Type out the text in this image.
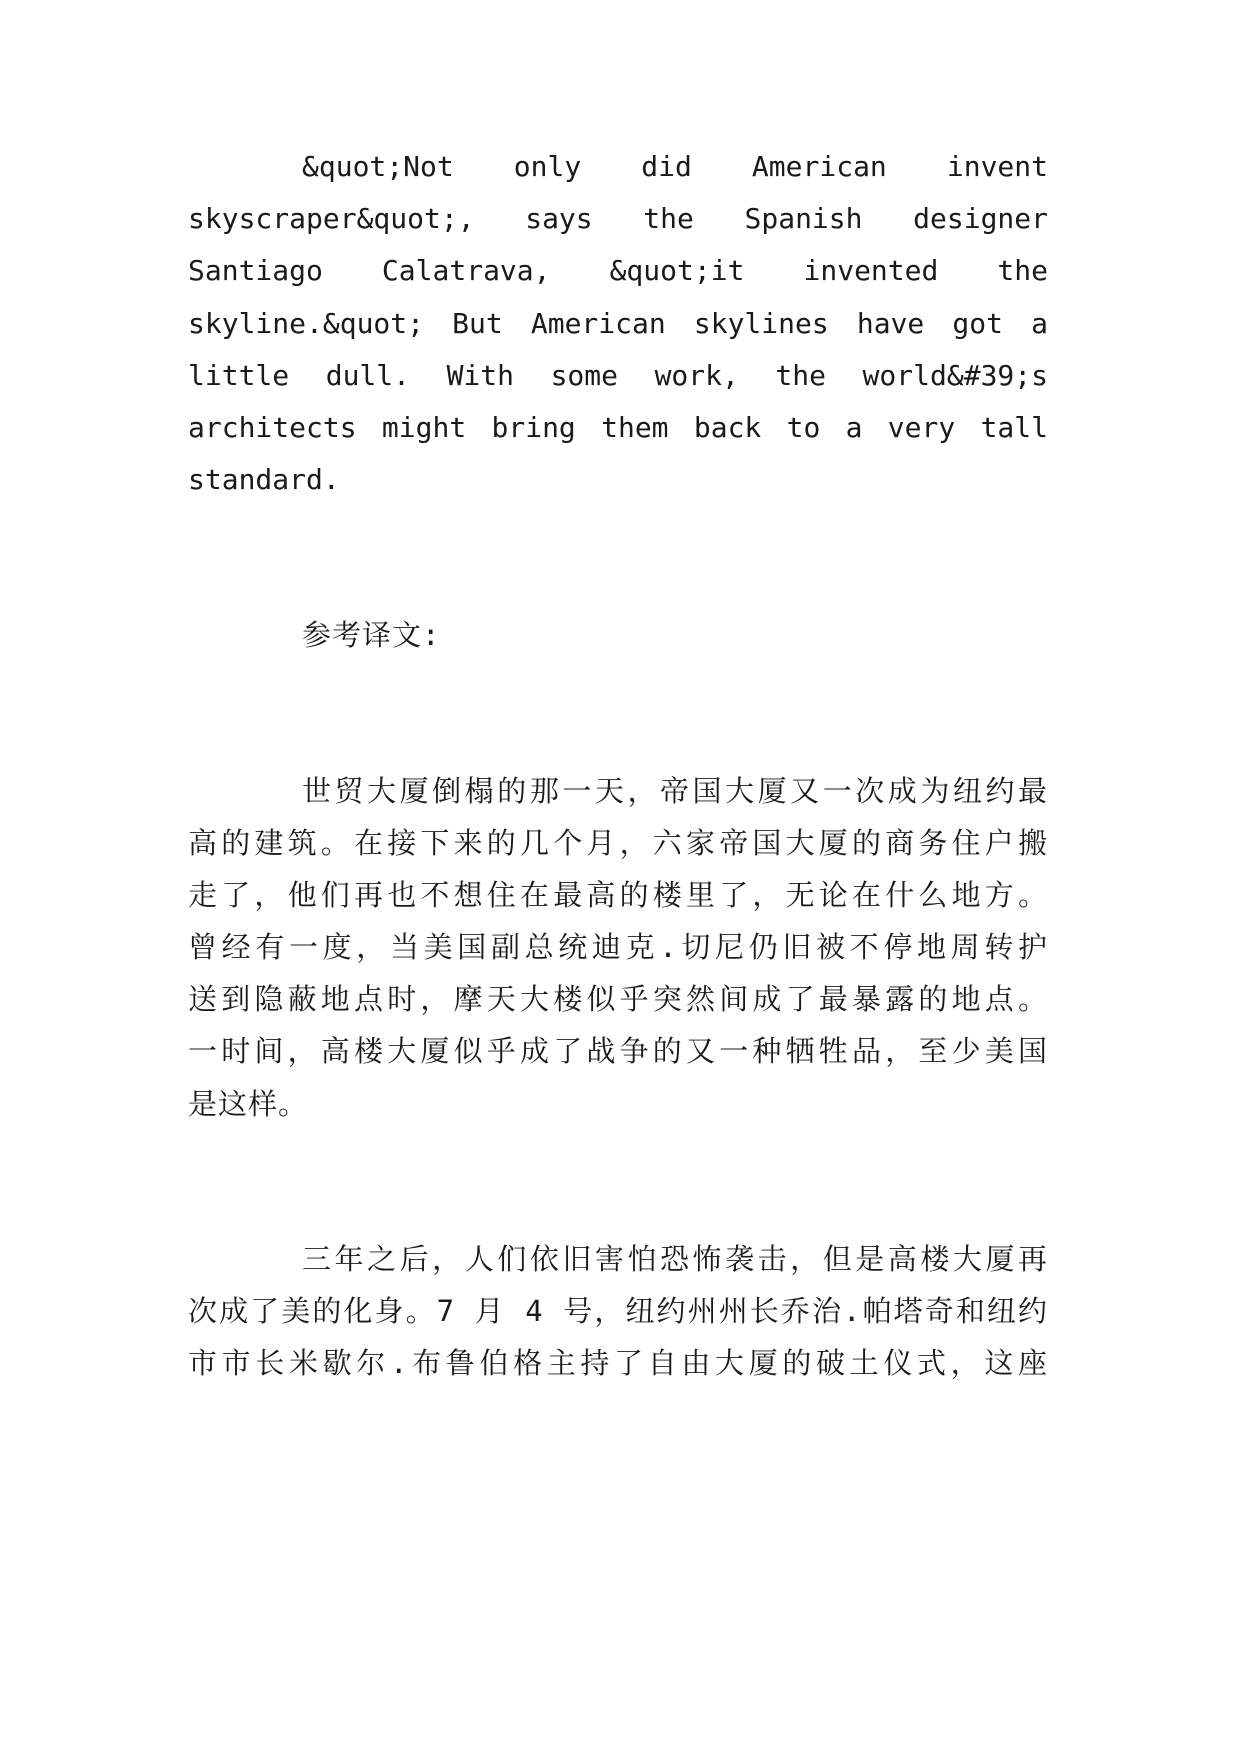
&quot;Not only did American invent
skyscraper&quot;, says the Spanish designer
Santiago Calatrava, &quot;it invented the
skyline.&quot; But American skylines have got a
little dull. With some work, the world&#39;s
architects might bring them back to a very tall
standard.
参考译文:
世贸大厦倒榻的那一天，帝国大厦又一次成为纽约最
高的建筑。在接下来的几个月，六家帝国大厦的商务住户搬
走了，他们再也不想住在最高的楼里了，无论在什么地方。
曾经有一度，当美国副总统迪克.切尼仍旧被不停地周转护
送到隐蔽地点时，摩天大楼似乎突然间成了最暴露的地点。
一时间，高楼大厦似乎成了战争的又一种牺牲品，至少美国
是这样。
三年之后，人们依旧害怕恐怖袭击，但是高楼大厦再
次成了美的化身。7 月 4 号，纽约州州长乔治.帕塔奇和纽约
市市长米歇尔.布鲁伯格主持了自由大厦的破土仪式，这座
